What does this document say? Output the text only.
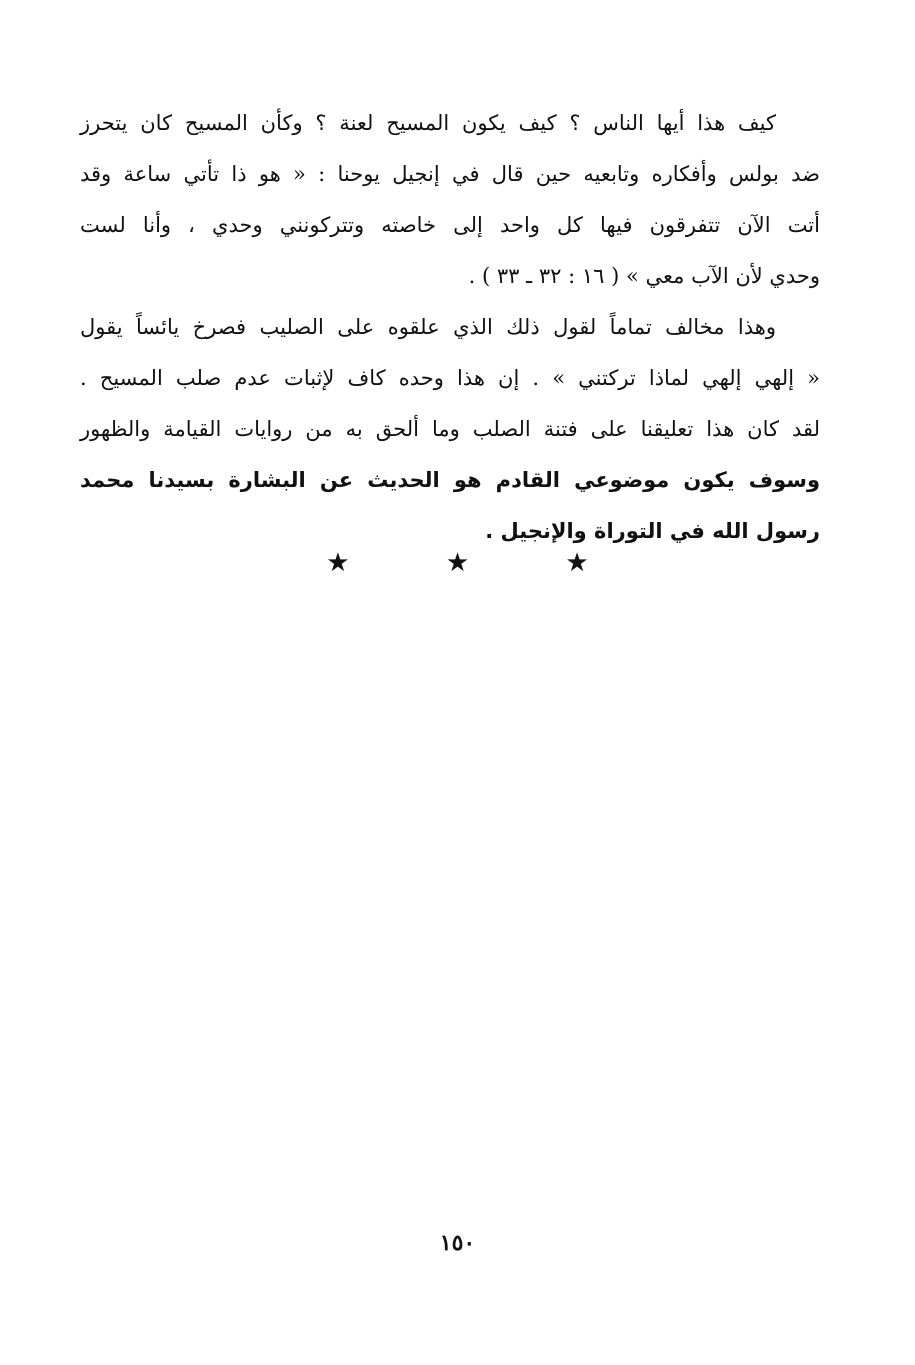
كيف هذا أيها الناس ؟ كيف يكون المسيح لعنة ؟ وكأن المسيح كان يتحرز
ضد بولس وأفكاره وتابعيه حين قال في إنجيل يوحنا : « هو ذا تأتي ساعة وقد
أتت الآن تتفرقون فيها كل واحد إلى خاصته وتتركونني وحدي ، وأنا لست
وحدي لأن الآب معي » ( ١٦ : ٣٢ ـ ٣٣ ) .
وهذا مخالف تماماً لقول ذلك الذي علقوه على الصليب فصرخ يائساً يقول
« إلهي إلهي لماذا تركتني » . إن هذا وحده كاف لإثبات عدم صلب المسيح .
لقد كان هذا تعليقنا على فتنة الصلب وما ألحق به من روايات القيامة والظهور
وسوف يكون موضوعي القادم هو الحديث عن البشارة بسيدنا محمد
رسول الله في التوراة والإنجيل .
★ ★ ★
١٥٠
